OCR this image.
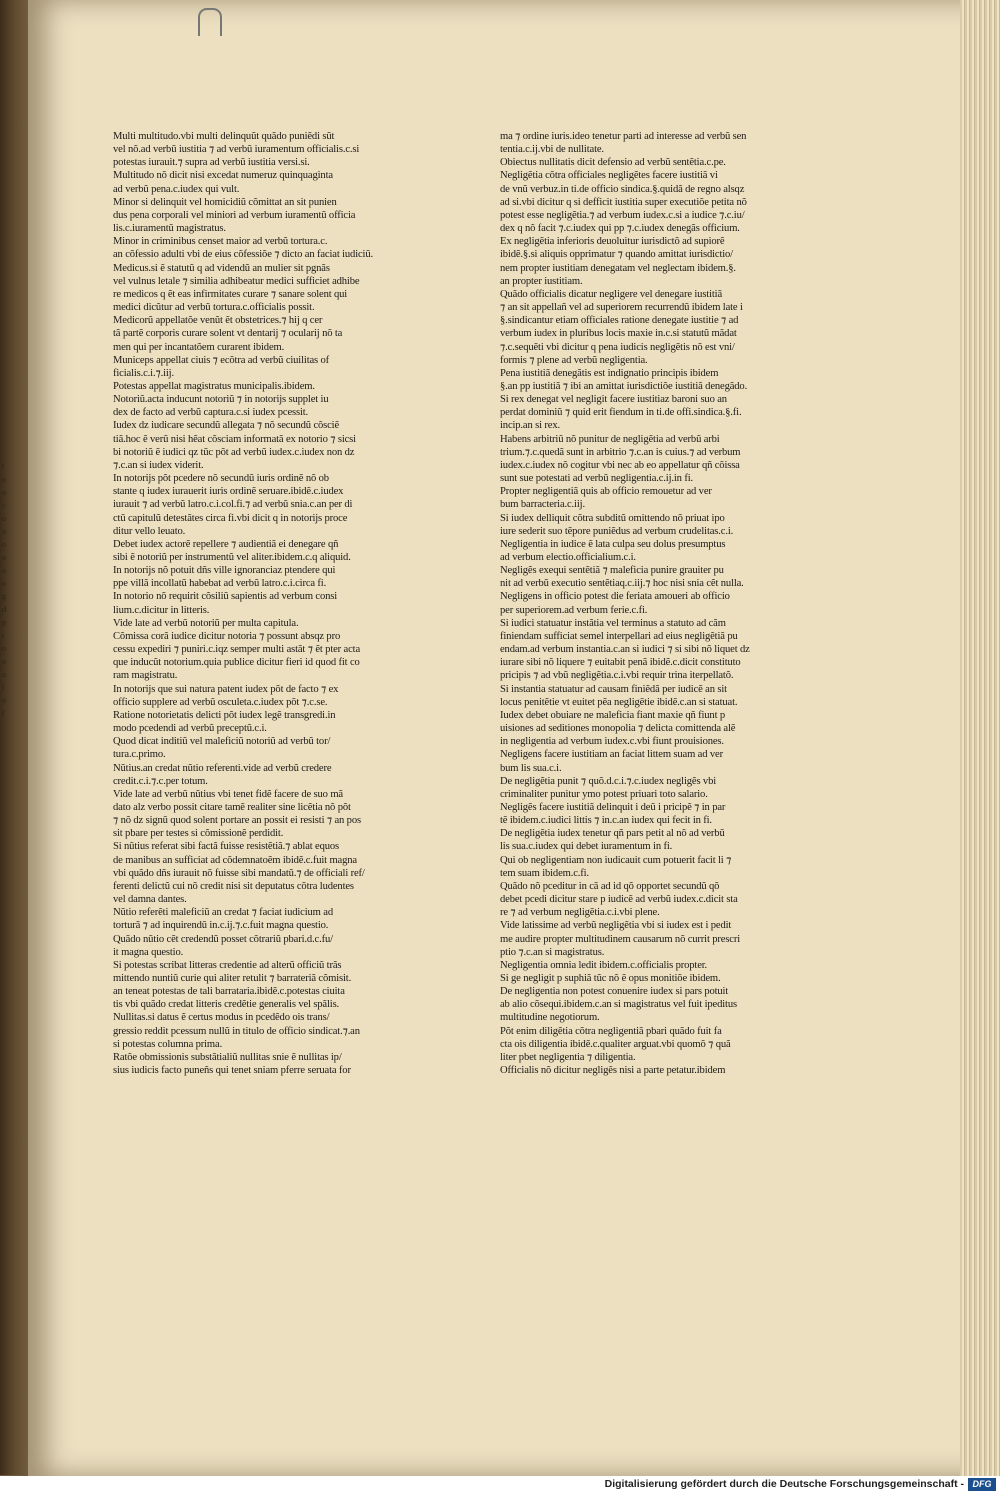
t
o
o
c
o
n
o
o
o
o
g
d
p
r
o
o
u
l
o
ſ

Multi multitudo.vbi multi delinquũt quãdo puniẽdi sũt

vel nõ.ad verbũ iustitia ⁊ ad verbũ iuramentum officialis.c.si

potestas iurauit.⁊ supra ad verbũ iustitia versi.si.

Multitudo nõ dicit nisi excedat numeruz quinquaginta

ad verbũ pena.c.iudex qui vult.

Minor si delinquit vel homicidiũ cõmittat an sit punien

dus pena corporali vel miniori ad verbum iuramentũ officia

lis.c.iuramentũ magistratus.

Minor in criminibus censet maior ad verbũ tortura.c.

an cõfessio adulti vbi de eius cõfessiõe ⁊ dicto an faciat iudiciũ.

Medicus.si ẽ statutũ q ad videndũ an mulier sit pgnãs

vel vulnus letale ⁊ similia adhibeatur medici sufficiet adhibe

re medicos q ẽt eas infirmitates curare ⁊ sanare solent qui

medici dicũtur ad verbũ tortura.c.officialis possit.

Medicorũ appellatõe venũt ẽt obstetrices.⁊ hij q cer

tã partẽ corporis curare solent vt dentarij ⁊ ocularij nõ ta

men qui per incantatõem curarent ibidem.

Municeps appellat ciuis ⁊ ecõtra ad verbũ ciuilitas of

ficialis.c.i.⁊.iij.

Potestas appellat magistratus municipalis.ibidem.

Notoriũ.acta inducunt notoriũ ⁊ in notorijs supplet iu

dex de facto ad verbũ captura.c.si iudex pcessit.

Iudex dz iudicare secundũ allegata ⁊ nõ secundũ cõsciẽ

tiã.hoc ẽ verũ nisi hẽat cõsciam informatã ex notorio ⁊ sicsi

bi notoriũ ẽ iudici qz tũc põt ad verbũ iudex.c.iudex non dz

⁊.c.an si iudex viderit.

In notorijs põt pcedere nõ secundũ iuris ordinẽ nõ ob

stante q iudex iurauerit iuris ordinẽ seruare.ibidẽ.c.iudex

iurauit ⁊ ad verbũ latro.c.i.col.fi.⁊ ad verbũ snia.c.an per di

ctũ capitulũ detestãtes circa fi.vbi dicit q in notorijs proce

ditur vello leuato.

Debet iudex actorẽ repellere ⁊ audientiã ei denegare qñ

sibi ẽ notoriũ per instrumentũ vel aliter.ibidem.c.q aliquid.

In notorijs nõ potuit dñs ville ignoranciaz ptendere qui

ppe villã incollatũ habebat ad verbũ latro.c.i.circa fi.

In notorio nõ requirit cõsiliũ sapientis ad verbum consi

lium.c.dicitur in litteris.

Vide late ad verbũ notoriũ per multa capitula.

Cõmissa corã iudice dicitur notoria ⁊ possunt absqz pro

cessu expediri ⁊ puniri.c.iqz semper multi astãt ⁊ ẽt pter acta

que inducũt notorium.quia publice dicitur fieri id quod fit co

ram magistratu.

In notorijs que sui natura patent iudex põt de facto ⁊ ex

officio supplere ad verbũ osculeta.c.iudex põt ⁊.c.se.

Ratione notorietatis delicti põt iudex legẽ transgredi.in

modo pcedendi ad verbũ preceptũ.c.i.

Quod dicat inditiũ vel maleficiũ notoriũ ad verbũ tor/

tura.c.primo.

Nũtius.an credat nũtio referenti.vide ad verbũ credere

credit.c.i.⁊.c.per totum.

Vide late ad verbũ nũtius vbi tenet fidẽ facere de suo mã

dato alz verbo possit citare tamẽ realiter sine licẽtia nõ põt

⁊ nõ dz signũ quod solent portare an possit ei resisti ⁊ an pos

sit pbare per testes si cõmissionẽ perdidit.

Si nũtius referat sibi factã fuisse resistẽtiã.⁊ ablat equos

de manibus an sufficiat ad cõdemnatoẽm ibidẽ.c.fuit magna

vbi quãdo dñs iurauit nõ fuisse sibi mandatũ.⁊ de officiali ref/

ferenti delictũ cui nõ credit nisi sit deputatus cõtra ludentes

vel damna dantes.

Nũtio referẽti maleficiũ an credat ⁊ faciat iudicium ad

torturã ⁊ ad inquirendũ in.c.ij.⁊.c.fuit magna questio.

Quãdo nũtio cẽt credendũ posset cõtrariũ pbari.d.c.fu/

it magna questio.

Si potestas scribat litteras credentie ad alterũ officiũ trãs

mittendo nuntiũ curie qui aliter retulit ⁊ barrateriã cõmisit.

an teneat potestas de tali barrataria.ibidẽ.c.potestas ciuita

tis vbi quãdo credat litteris credẽtie generalis vel spãlis.

Nullitas.si datus ẽ certus modus in pcedẽdo ois trans/

gressio reddit pcessum nullũ in titulo de officio sindicat.⁊.an

si potestas columna prima.

Ratõe obmissionis substãtialiũ nullitas snie ẽ nullitas ip/

sius iudicis facto puneñs qui tenet sniam pferre seruata for

ma ⁊ ordine iuris.ideo tenetur parti ad interesse ad verbũ sen

tentia.c.ij.vbi de nullitate.

Obiectus nullitatis dicit defensio ad verbũ sentẽtia.c.pe.

Negligẽtia cõtra officiales negligẽtes facere iustitiã vi

de vnũ verbuz.in ti.de officio sindica.§.quidã de regno alsqz

ad si.vbi dicitur q si defficit iustitia super executiõe petita nõ

potest esse negligẽtia.⁊ ad verbum iudex.c.si a iudice ⁊.c.iu/

dex q nõ facit ⁊.c.iudex qui pp ⁊.c.iudex denegãs officium.

Ex negligẽtia inferioris deuoluitur iurisdictõ ad supiorẽ

ibidẽ.§.si aliquis opprimatur ⁊ quando amittat iurisdictio/

nem propter iustitiam denegatam vel neglectam ibidem.§.

an propter iustitiam.

Quãdo officialis dicatur negligere vel denegare iustitiã

⁊ an sit appellañ vel ad superiorem recurrendũ ibidem late i

§.sindicantur etiam officiales ratione denegate iustitie ⁊ ad

verbum iudex in pluribus locis maxie in.c.si statutũ mãdat

⁊.c.sequẽti vbi dicitur q pena iudicis negligẽtis nõ est vni/

formis ⁊ plene ad verbũ negligentia.

Pena iustitiã denegãtis est indignatio principis ibidem

§.an pp iustitiã ⁊ ibi an amittat iurisdictiõe iustitiã denegãdo.

Si rex denegat vel negligit facere iustitiaz baroni suo an

perdat dominiũ ⁊ quid erit fiendum in ti.de offi.sindica.§.fi.

incip.an si rex.

Habens arbitriũ nõ punitur de negligẽtia ad verbũ arbi

trium.⁊.c.quedã sunt in arbitrio ⁊.c.an is cuius.⁊ ad verbum

iudex.c.iudex nõ cogitur vbi nec ab eo appellatur qñ cõissa

sunt sue potestati ad verbũ negligentia.c.ij.in fi.

Propter negligentiã quis ab officio remouetur ad ver

bum barracteria.c.iij.

Si iudex delliquit cõtra subditũ omittendo nõ priuat ipo

iure sederit suo tẽpore puniẽdus ad verbum crudelitas.c.i.

Negligentia in iudice ẽ lata culpa seu dolus presumptus

ad verbum electio.officialium.c.i.

Negligẽs exequi sentẽtiã ⁊ maleficia punire grauiter pu

nit ad verbũ executio sentẽtiaq.c.iij.⁊ hoc nisi snia cẽt nulla.

Negligens in officio potest die feriata amoueri ab officio

per superiorem.ad verbum ferie.c.fi.

Si iudici statuatur instãtia vel terminus a statuto ad cãm

finiendam sufficiat semel interpellari ad eius negligẽtiã pu

endam.ad verbum instantia.c.an si iudici ⁊ si sibi nõ liquet dz

iurare sibi nõ liquere ⁊ euitabit penã ibidẽ.c.dicit constituto

pricipis ⁊ ad vbũ negligẽtia.c.i.vbi requir trina iterpellatõ.

Si instantia statuatur ad causam finiẽdã per iudicẽ an sit

locus penitẽtie vt euitet pẽa negligẽtie ibidẽ.c.an si statuat.

Iudex debet obuiare ne maleficia fiant maxie qñ fiunt p

uisiones ad seditiones monopolia ⁊ delicta comittenda alẽ

in negligentia ad verbum iudex.c.vbi fiunt prouisiones.

Negligens facere iustitiam an faciat littem suam ad ver

bum lis sua.c.i.

De negligẽtia punit ⁊ quõ.d.c.i.⁊.c.iudex negligẽs vbi

criminaliter punitur ymo potest priuari toto salario.

Negligẽs facere iustitiã delinquit i deũ i pricipẽ ⁊ in par

tẽ ibidem.c.iudici littis ⁊ in.c.an iudex qui fecit in fi.

De negligẽtia iudex tenetur qñ pars petit al nõ ad verbũ

lis sua.c.iudex qui debet iuramentum in fi.

Qui ob negligentiam non iudicauit cum potuerit facit li ⁊

tem suam ibidem.c.fi.

Quãdo nõ pceditur in cã ad id qõ opportet secundũ qõ

debet pcedi dicitur stare p iudicẽ ad verbũ iudex.c.dicit sta

re ⁊ ad verbum negligẽtia.c.i.vbi plene.

Vide latissime ad verbũ negligẽtia vbi si iudex est i pedit

me audire propter multitudinem causarum nõ currit prescri

ptio ⁊.c.an si magistratus.

Negligentia omnia ledit ibidem.c.officialis propter.

Si ge negligit p suphiã tũc nõ ẽ opus monitiõe ibidem.

De negligentia non potest conuenire iudex si pars potuit

ab alio cõsequi.ibidem.c.an si magistratus vel fuit ipeditus

multitudine negotiorum.

Põt enim diligẽtia cõtra negligentiã pbari quãdo fuit fa

cta ois diligentia ibidẽ.c.qualiter arguat.vbi quomõ ⁊ quã

liter pbet negligentia ⁊ diligentia.

Officialis nõ dicitur negligẽs nisi a parte petatur.ibidem

Digitalisierung gefördert durch die Deutsche Forschungsgemeinschaft - DFG
